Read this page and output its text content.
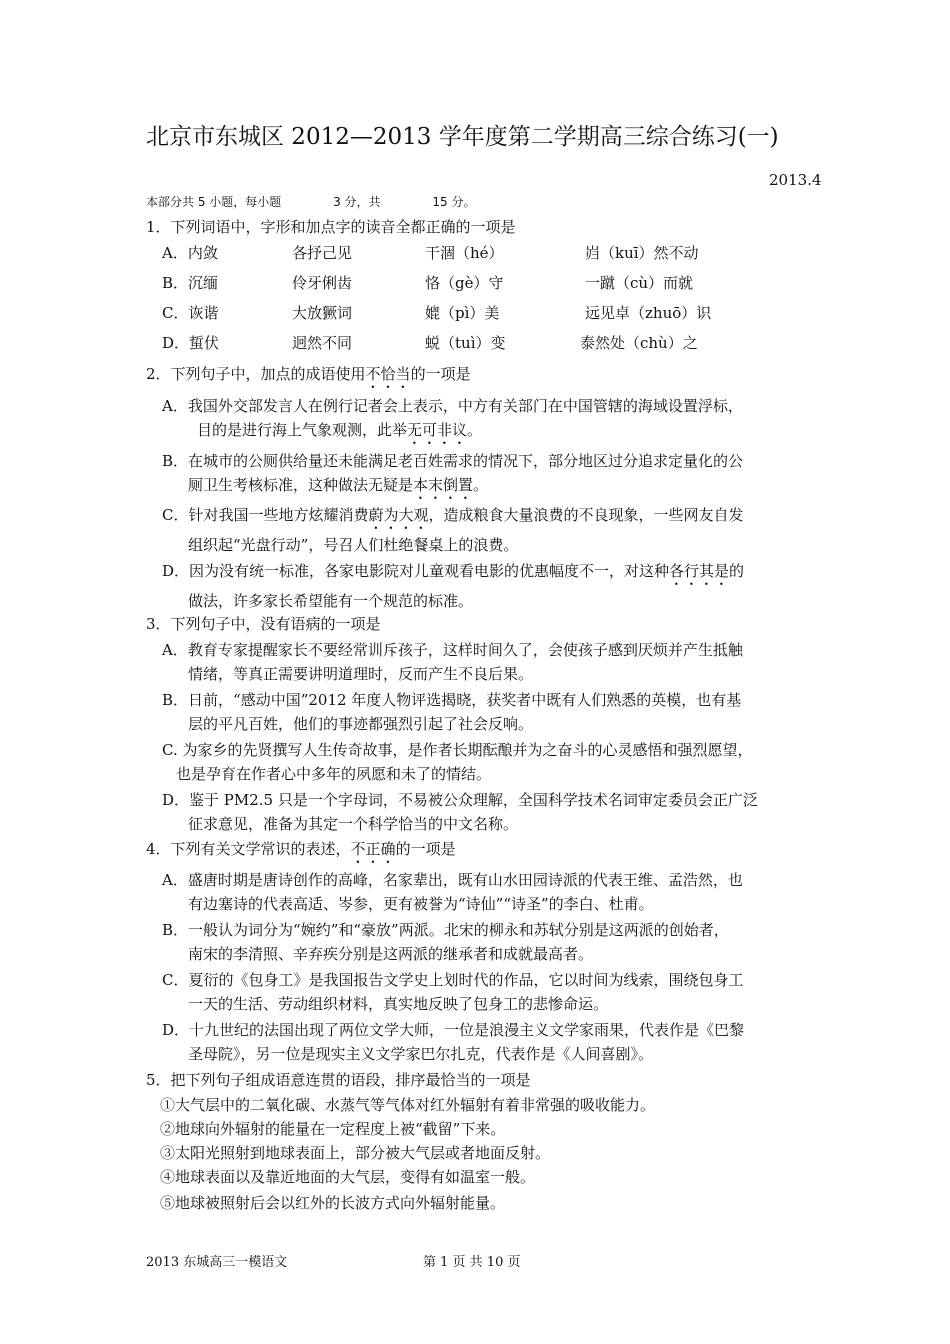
北京市东城区 2012—2013 学年度第二学期高三综合练习(一)
2013.4
本部分共 5 小题，每小题	3 分，共	15 分。
1．下列词语中，字形和加点字的读音全都正确的一项是
A．内敛	各抒己见	干涸（hé）	岿（kuī）然不动
B．沉缅	伶牙俐齿	恪（gè）守	一蹴（cù）而就
C．诙谐	大放獗词	媲（pì）美	远见卓（zhuō）识
D．蜇伏	迥然不同	蜕（tuì）变	泰然处（chù）之
2．下列句子中，加点的成语使用不恰当的一项是
A．我国外交部发言人在例行记者会上表示，中方有关部门在中国管辖的海域设置浮标，
目的是进行海上气象观测，此举无可非议。
B．在城市的公厕供给量还未能满足老百姓需求的情况下，部分地区过分追求定量化的公
厕卫生考核标准，这种做法无疑是本末倒置。
C．针对我国一些地方炫耀消费蔚为大观，造成粮食大量浪费的不良现象，一些网友自发
组织起“光盘行动”，号召人们杜绝餐桌上的浪费。
D．因为没有统一标准，各家电影院对儿童观看电影的优惠幅度不一，对这种各行其是的
做法，许多家长希望能有一个规范的标准。
3．下列句子中，没有语病的一项是
A．教育专家提醒家长不要经常训斥孩子，这样时间久了，会使孩子感到厌烦并产生抵触
情绪，等真正需要讲明道理时，反而产生不良后果。
B．日前，“感动中国”2012 年度人物评选揭晓，获奖者中既有人们熟悉的英模，也有基
层的平凡百姓，他们的事迹都强烈引起了社会反响。
C. 为家乡的先贤撰写人生传奇故事，是作者长期酝酿并为之奋斗的心灵感悟和强烈愿望，
也是孕育在作者心中多年的夙愿和未了的情结。
D．鉴于 PM2.5 只是一个字母词，不易被公众理解，全国科学技术名词审定委员会正广泛
征求意见，准备为其定一个科学恰当的中文名称。
4．下列有关文学常识的表述，不正确的一项是
A．盛唐时期是唐诗创作的高峰，名家辈出，既有山水田园诗派的代表王维、孟浩然，也
有边塞诗的代表高适、岑参，更有被誉为“诗仙”“诗圣”的李白、杜甫。
B．一般认为词分为“婉约”和“豪放”两派。北宋的柳永和苏轼分别是这两派的创始者，
南宋的李清照、辛弃疾分别是这两派的继承者和成就最高者。
C．夏衍的《包身工》是我国报告文学史上划时代的作品，它以时间为线索，围绕包身工
一天的生活、劳动组织材料，真实地反映了包身工的悲惨命运。
D．十九世纪的法国出现了两位文学大师，一位是浪漫主义文学家雨果，代表作是《巴黎
圣母院》，另一位是现实主义文学家巴尔扎克，代表作是《人间喜剧》。
5．把下列句子组成语意连贯的语段，排序最恰当的一项是
①大气层中的二氧化碳、水蒸气等气体对红外辐射有着非常强的吸收能力。
②地球向外辐射的能量在一定程度上被“截留”下来。
③太阳光照射到地球表面上，部分被大气层或者地面反射。
④地球表面以及靠近地面的大气层，变得有如温室一般。
⑤地球被照射后会以红外的长波方式向外辐射能量。
2013 东城高三一模语文	第 1 页 共 10 页
